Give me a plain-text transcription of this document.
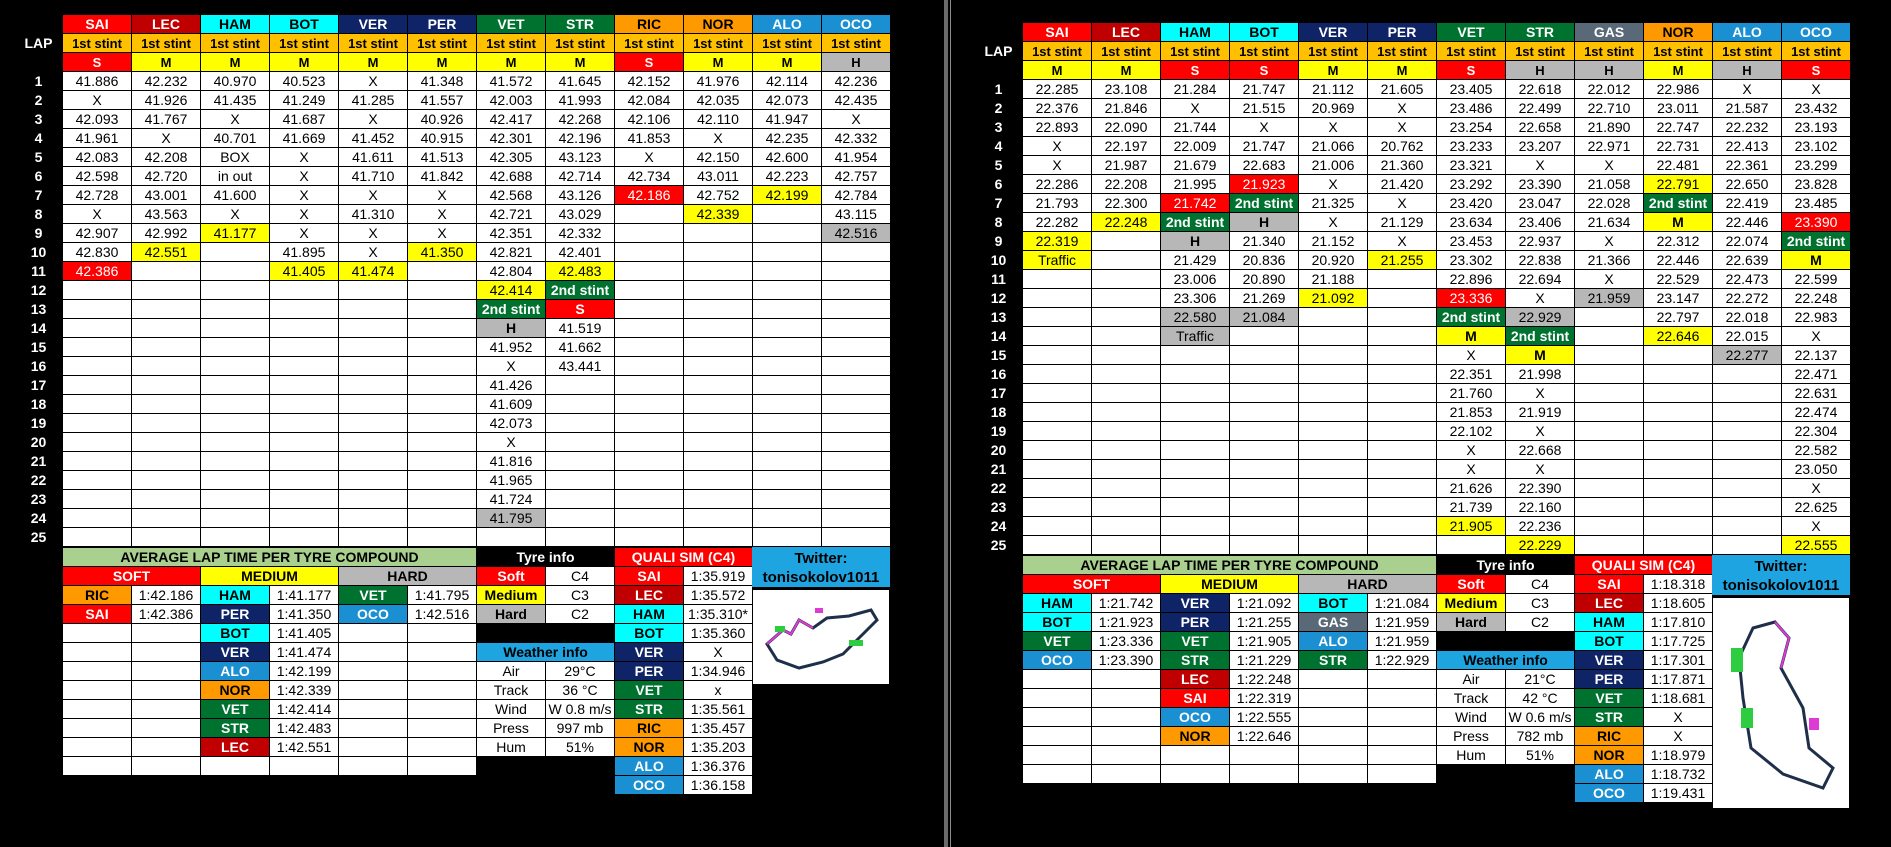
LAP	SAI	LEC	HAM	BOT	VER	PER	VET	STR	RIC	NOR	ALO	OCO
	1st stint	1st stint	1st stint	1st stint	1st stint	1st stint	1st stint	1st stint	1st stint	1st stint	1st stint	1st stint
	S	M	M	M	M	M	M	M	S	M	M	H
1	41.886	42.232	40.970	40.523	X	41.348	41.572	41.645	42.152	41.976	42.114	42.236
2	X	41.926	41.435	41.249	41.285	41.557	42.003	41.993	42.084	42.035	42.073	42.435
3	42.093	41.767	X	41.687	X	40.926	42.417	42.268	42.106	42.110	41.947	X
4	41.961	X	40.701	41.669	41.452	40.915	42.301	42.196	41.853	X	42.235	42.332
5	42.083	42.208	BOX	X	41.611	41.513	42.305	43.123	X	42.150	42.600	41.954
6	42.598	42.720	in out	X	41.710	41.842	42.688	42.714	42.734	43.011	42.223	42.757
7	42.728	43.001	41.600	X	X	X	42.568	43.126	42.186	42.752	42.199	42.784
8	X	43.563	X	X	41.310	X	42.721	43.029		42.339		43.115
9	42.907	42.992	41.177	X	X	X	42.351	42.332				42.516
10	42.830	42.551		41.895	X	41.350	42.821	42.401				
11	42.386			41.405	41.474		42.804	42.483				
12							42.414	2nd stint				
13							2nd stint	S				
14							H	41.519				
15							41.952	41.662				
16							X	43.441				
17							41.426					
18							41.609					
19							42.073					
20							X					
21							41.816					
22							41.965					
23							41.724					
24							41.795					
25												
AVERAGE LAP TIME PER TYRE COMPOUND					
SOFT		MEDIUM		HARD	
RIC	1:42.186	HAM	1:41.177	VET	1:41.795
SAI	1:42.386	PER	1:41.350	OCO	1:42.516
		BOT	1:41.405		
		VER	1:41.474		
		ALO	1:42.199		
		NOR	1:42.339		
		VET	1:42.414		
		STR	1:42.483		
		LEC	1:42.551		

Tyre info	
Soft	C4
Medium	C3
Hard	C2

Weather info	
Air	29°C
Track	36 °C
Wind	W 0.8 m/s
Press	997 mb
Hum	51%
QUALI SIM (C4)	
SAI	1:35.919
LEC	1:35.572
HAM	1:35.310*
BOT	1:35.360
VER	X
PER	1:34.946
VET	x
STR	1:35.561
RIC	1:35.457
NOR	1:35.203
ALO	1:36.376
OCO	1:36.158
Twitter:
tonisokolov1011
LAP	SAI	LEC	HAM	BOT	VER	PER	VET	STR	GAS	NOR	ALO	OCO
	1st stint	1st stint	1st stint	1st stint	1st stint	1st stint	1st stint	1st stint	1st stint	1st stint	1st stint	1st stint
	M	M	S	S	M	M	S	H	H	M	H	S
1	22.285	23.108	21.284	21.747	21.112	21.605	23.405	22.618	22.012	22.986	X	X
2	22.376	21.846	X	21.515	20.969	X	23.486	22.499	22.710	23.011	21.587	23.432
3	22.893	22.090	21.744	X	X	X	23.254	22.658	21.890	22.747	22.232	23.193
4	X	22.197	22.009	21.747	21.066	20.762	23.233	23.207	22.971	22.731	22.413	23.102
5	X	21.987	21.679	22.683	21.006	21.360	23.321	X	X	22.481	22.361	23.299
6	22.286	22.208	21.995	21.923	X	21.420	23.292	23.390	21.058	22.791	22.650	23.828
7	21.793	22.300	21.742	2nd stint	21.325	X	23.420	23.047	22.028	2nd stint	22.419	23.485
8	22.282	22.248	2nd stint	H	X	21.129	23.634	23.406	21.634	M	22.446	23.390
9	22.319		H	21.340	21.152	X	23.453	22.937	X	22.312	22.074	2nd stint
10	Traffic		21.429	20.836	20.920	21.255	23.302	22.838	21.366	22.446	22.639	M
11			23.006	20.890	21.188		22.896	22.694	X	22.529	22.473	22.599
12			23.306	21.269	21.092		23.336	X	21.959	23.147	22.272	22.248
13			22.580	21.084			2nd stint	22.929		22.797	22.018	22.983
14			Traffic				M	2nd stint		22.646	22.015	X
15							X	M			22.277	22.137
16							22.351	21.998				22.471
17							21.760	X				22.631
18							21.853	21.919				22.474
19							22.102	X				22.304
20							X	22.668				22.582
21							X	X				23.050
22							21.626	22.390				X
23							21.739	22.160				22.625
24							21.905	22.236				X
25								22.229				22.555
AVERAGE LAP TIME PER TYRE COMPOUND					
SOFT		MEDIUM		HARD	
HAM	1:21.742	VER	1:21.092	BOT	1:21.084
BOT	1:21.923	PER	1:21.255	GAS	1:21.959
VET	1:23.336	VET	1:21.905	ALO	1:21.959
OCO	1:23.390	STR	1:21.229	STR	1:22.929
		LEC	1:22.248		
		SAI	1:22.319		
		OCO	1:22.555		
		NOR	1:22.646		

Tyre info	
Soft	C4
Medium	C3
Hard	C2

Weather info	
Air	21°C
Track	42 °C
Wind	W 0.6 m/s
Press	782 mb
Hum	51%
QUALI SIM (C4)	
SAI	1:18.318
LEC	1:18.605
HAM	1:17.810
BOT	1:17.725
VER	1:17.301
PER	1:17.871
VET	1:18.681
STR	X
RIC	X
NOR	1:18.979
ALO	1:18.732
OCO	1:19.431
Twitter:
tonisokolov1011
